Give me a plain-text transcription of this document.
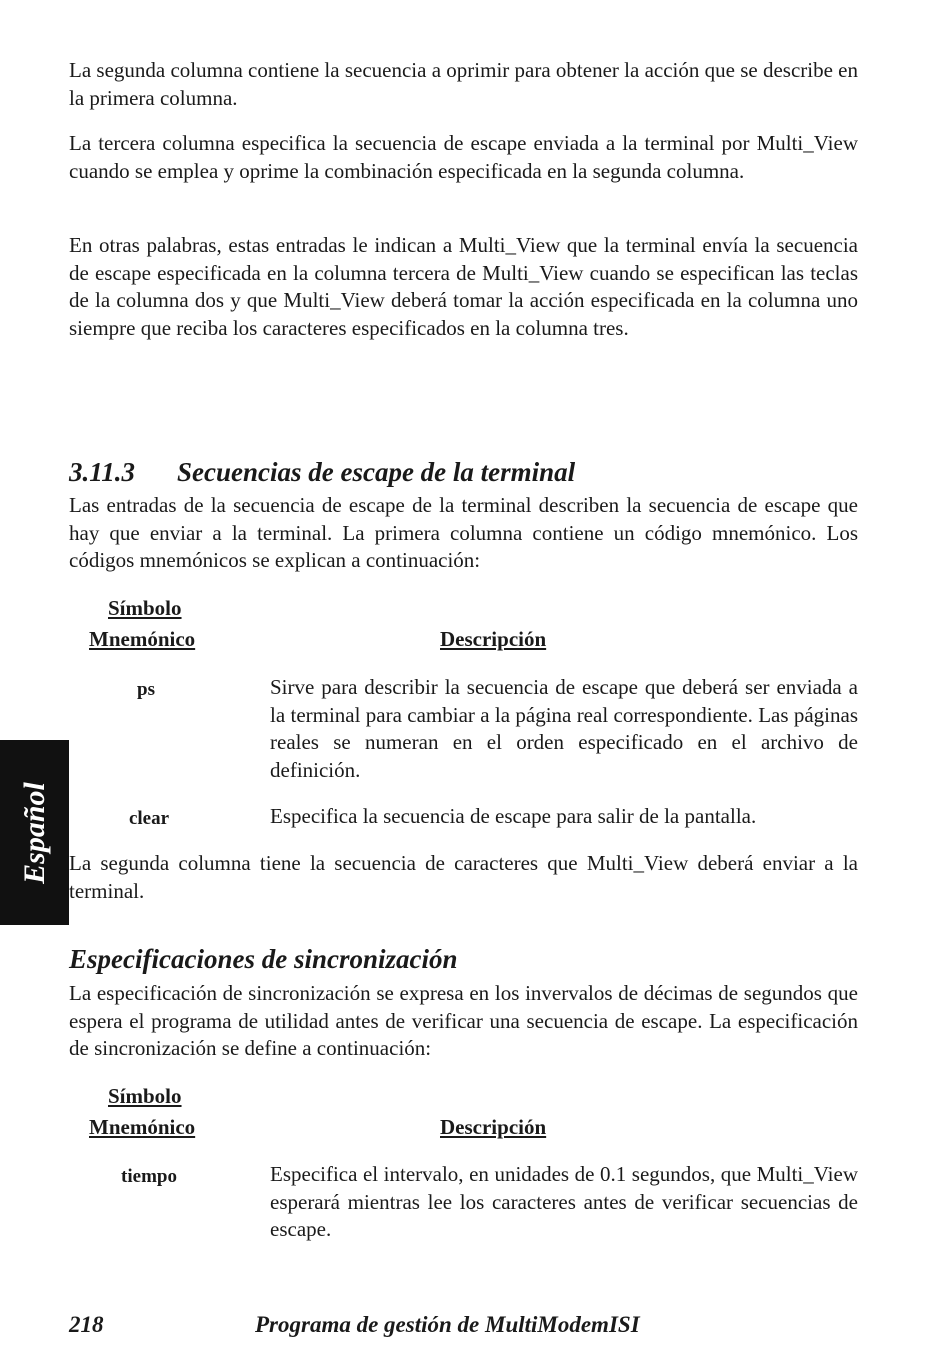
La segunda columna contiene la secuencia a oprimir para obtener la acción que se describe en la primera columna.

La tercera columna especifica la secuencia de escape enviada a la terminal por Multi_View cuando se emplea y oprime la combinación especificada en la segunda columna.

En otras palabras, estas entradas le indican a Multi_View que la terminal envía la secuencia de escape especificada en la columna tercera de Multi_View cuando se especifican las teclas de la columna dos y que Multi_View deberá tomar la acción especificada en la columna uno siempre que reciba los caracteres especificados en la columna tres.

3.11.3 Secuencias de escape de la terminal

Las entradas de la secuencia de escape de la terminal describen la secuencia de escape que hay que enviar a la terminal. La primera columna contiene un código mnemónico. Los códigos mnemónicos se explican a continuación:

Símbolo

Mnemónico	Descripción

ps	Sirve para describir la secuencia de escape que deberá ser enviada a la terminal para cambiar a la página real correspondiente. Las páginas reales se numeran en el orden especificado en el archivo de definición.

clear	Especifica la secuencia de escape para salir de la pantalla.

La segunda columna tiene la secuencia de caracteres que Multi_View deberá enviar a la terminal.

Especificaciones de sincronización

La especificación de sincronización se expresa en los invervalos de décimas de segundos que espera el programa de utilidad antes de verificar una secuencia de escape. La especificación de sincronización se define a continuación:

Símbolo

Mnemónico	Descripción

tiempo	Especifica el intervalo, en unidades de 0.1 segundos, que Multi_View esperará mientras lee los caracteres antes de verificar secuencias de escape.

Español

218	Programa de gestión de MultiModemISI
